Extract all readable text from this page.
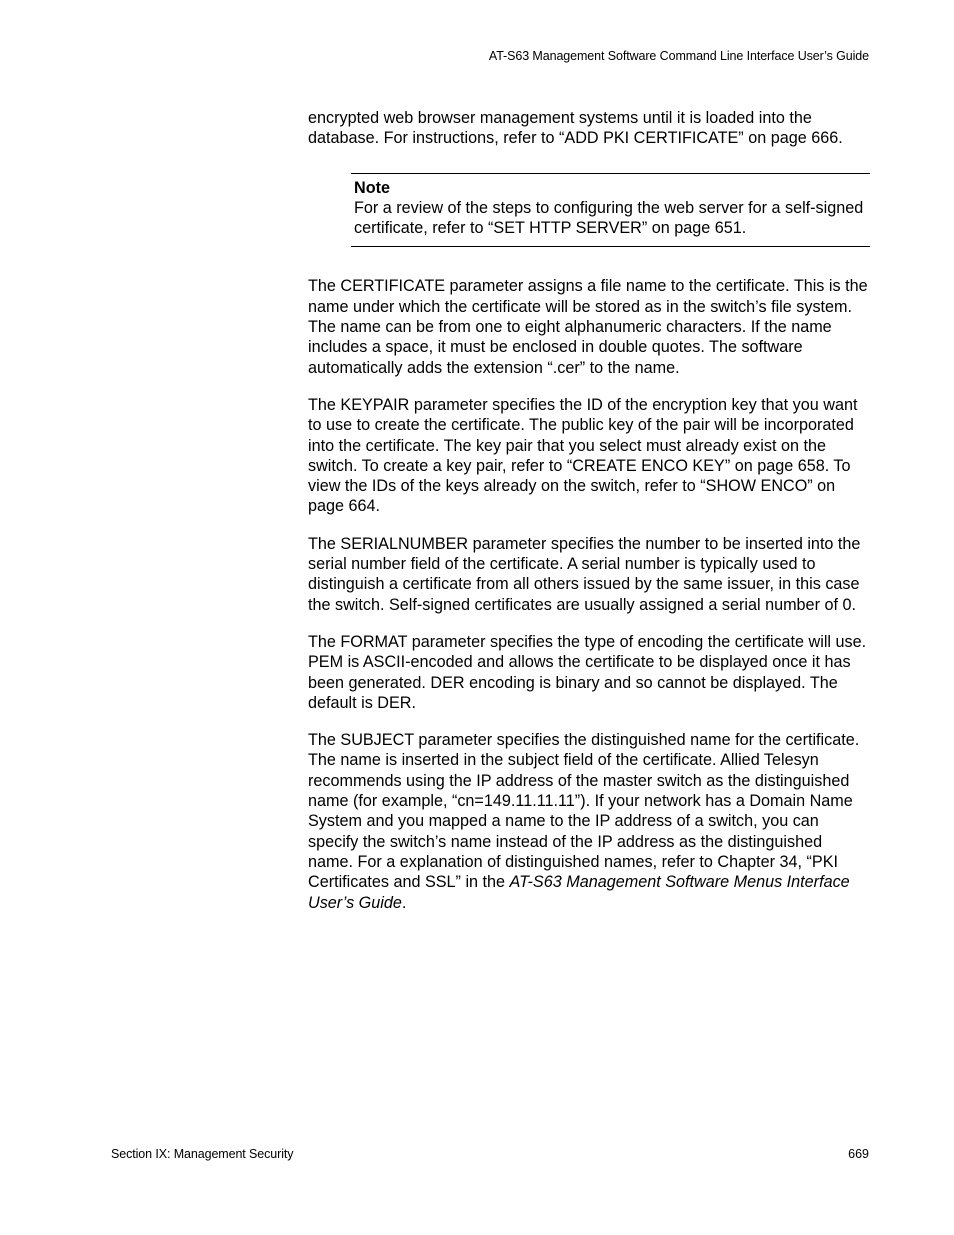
AT-S63 Management Software Command Line Interface User’s Guide

encrypted web browser management systems until it is loaded into the database. For instructions, refer to “ADD PKI CERTIFICATE” on page 666.

Note
For a review of the steps to configuring the web server for a self-signed certificate, refer to “SET HTTP SERVER” on page 651.

The CERTIFICATE parameter assigns a file name to the certificate. This is the name under which the certificate will be stored as in the switch’s file system. The name can be from one to eight alphanumeric characters. If the name includes a space, it must be enclosed in double quotes. The software automatically adds the extension “.cer” to the name.

The KEYPAIR parameter specifies the ID of the encryption key that you want to use to create the certificate. The public key of the pair will be incorporated into the certificate. The key pair that you select must already exist on the switch. To create a key pair, refer to “CREATE ENCO KEY” on page 658. To view the IDs of the keys already on the switch, refer to “SHOW ENCO” on page 664.

The SERIALNUMBER parameter specifies the number to be inserted into the serial number field of the certificate. A serial number is typically used to distinguish a certificate from all others issued by the same issuer, in this case the switch. Self-signed certificates are usually assigned a serial number of 0.

The FORMAT parameter specifies the type of encoding the certificate will use. PEM is ASCII-encoded and allows the certificate to be displayed once it has been generated. DER encoding is binary and so cannot be displayed. The default is DER.

The SUBJECT parameter specifies the distinguished name for the certificate. The name is inserted in the subject field of the certificate. Allied Telesyn recommends using the IP address of the master switch as the distinguished name (for example, “cn=149.11.11.11”). If your network has a Domain Name System and you mapped a name to the IP address of a switch, you can specify the switch’s name instead of the IP address as the distinguished name. For a explanation of distinguished names, refer to Chapter 34, “PKI Certificates and SSL” in the AT-S63 Management Software Menus Interface User’s Guide.

Section IX: Management Security	669
